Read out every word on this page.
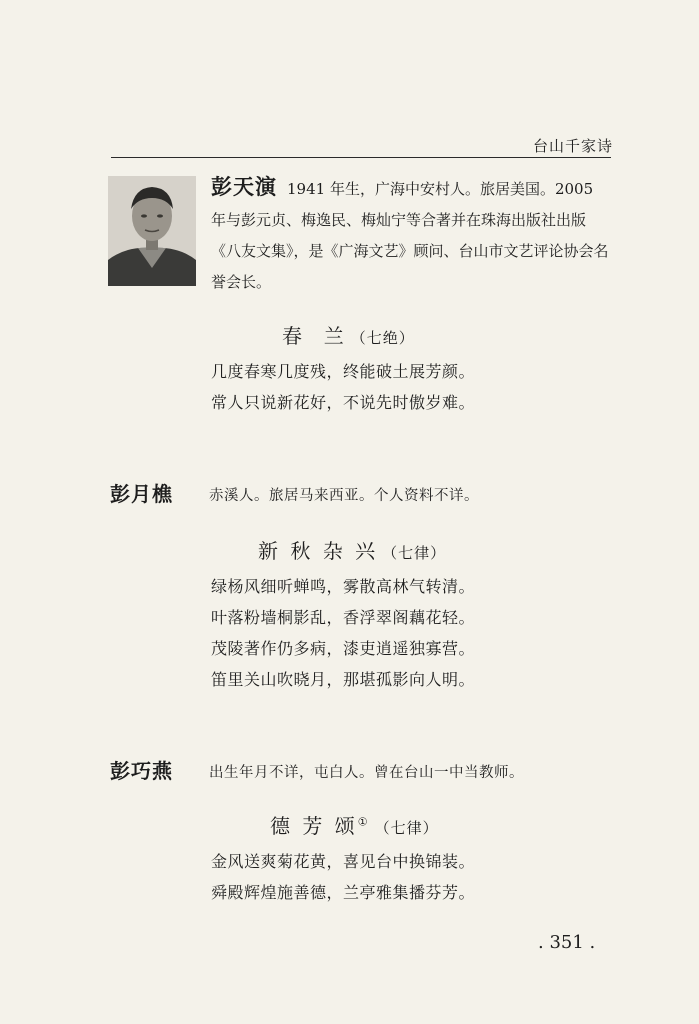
台山千家诗
彭天演 1941 年生，广海中安村人。旅居美国。2005 年与彭元贞、梅逸民、梅灿宁等合著并在珠海出版社出版《八友文集》，是《广海文艺》顾问、台山市文艺评论协会名誉会长。
春  兰 （七绝）
几度春寒几度残，终能破土展芳颜。
常人只说新花好，不说先时傲岁难。
彭月樵 赤溪人。旅居马来西亚。个人资料不详。
新 秋 杂 兴 （七律）
绿杨风细听蝉鸣，雾散高林气转清。
叶落粉墙桐影乱，香浮翠阁藕花轻。
茂陵著作仍多病，漆吏逍遥独寡营。
笛里关山吹晓月，那堪孤影向人明。
彭巧燕 出生年月不详，屯白人。曾在台山一中当教师。
德 芳 颂① （七律）
金风送爽菊花黄，喜见台中换锦装。
舜殿辉煌施善德，兰亭雅集播芬芳。
. 351 .
